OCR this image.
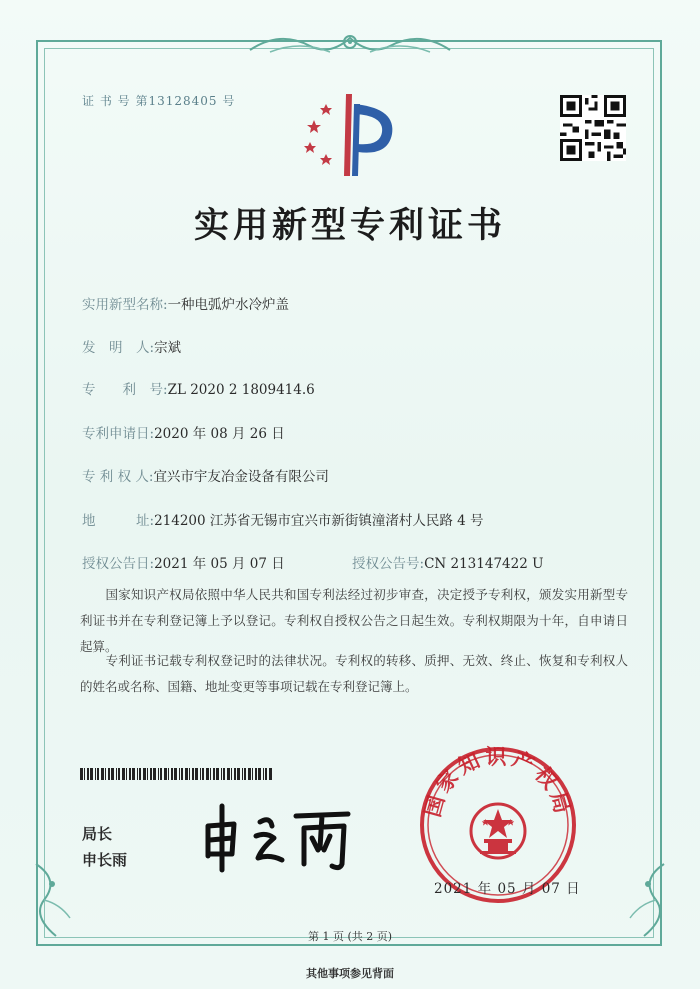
证 书 号 第13128405 号
实用新型专利证书
实用新型名称:一种电弧炉水冷炉盖
发　明　人:宗斌
专　　利　号:ZL 2020 2 1809414.6
专利申请日:2020 年 08 月 26 日
专 利 权 人:宜兴市宇友冶金设备有限公司
地　　　址:214200 江苏省无锡市宜兴市新街镇潼渚村人民路 4 号
授权公告日:2021 年 05 月 07 日	授权公告号:CN 213147422 U
　　国家知识产权局依照中华人民共和国专利法经过初步审查，决定授予专利权，颁发实用新型专利证书并在专利登记簿上予以登记。专利权自授权公告之日起生效。专利权期限为十年，自申请日起算。
　　专利证书记载专利权登记时的法律状况。专利权的转移、质押、无效、终止、恢复和专利权人的姓名或名称、国籍、地址变更等事项记载在专利登记簿上。
局长
申长雨
国家知识产权局
2021 年 05 月 07 日
第 1 页 (共 2 页)
其他事项参见背面
